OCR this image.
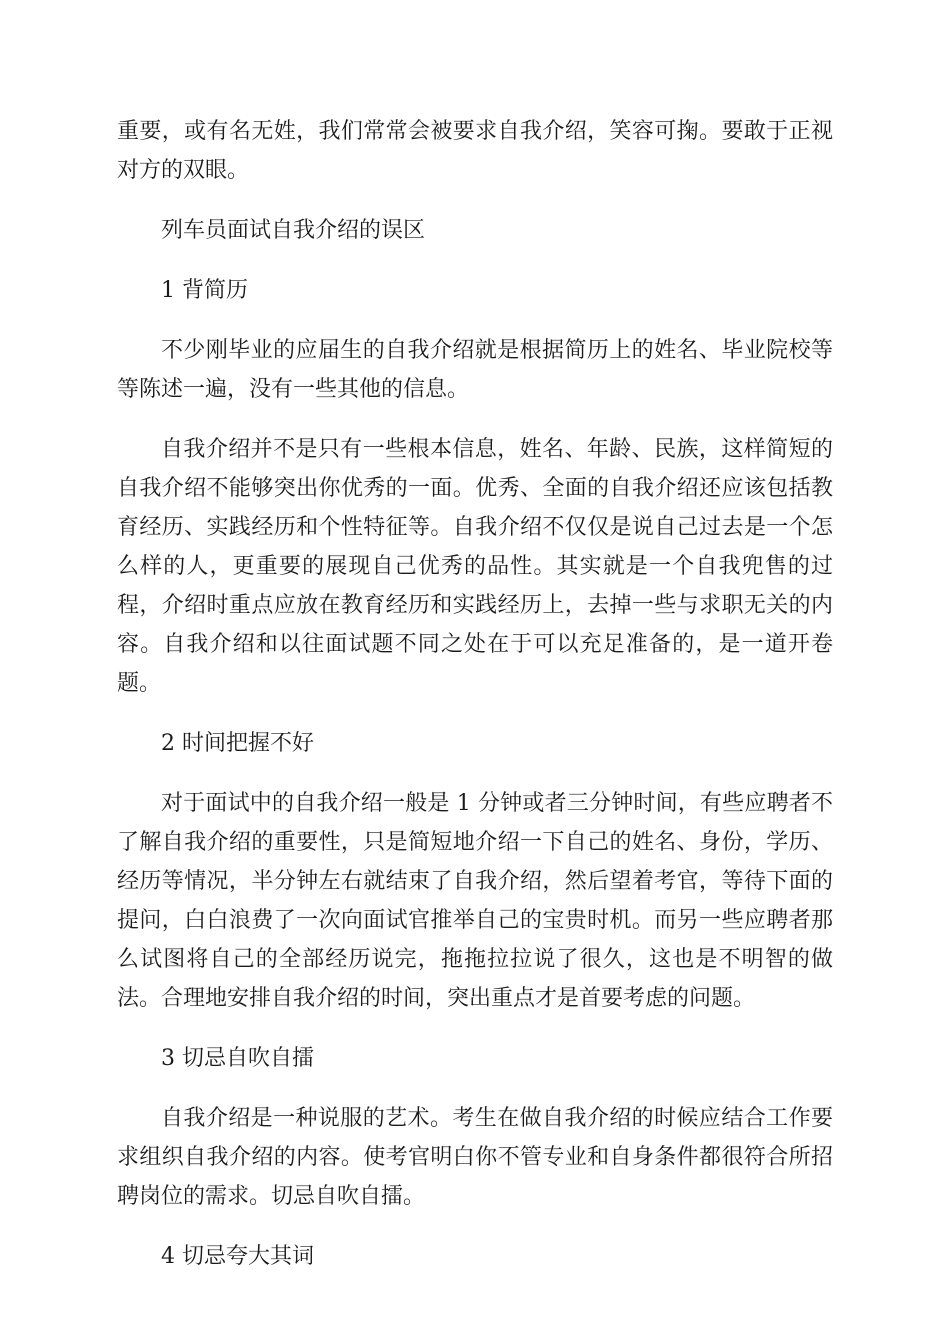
重要，或有名无姓，我们常常会被要求自我介绍，笑容可掬。要敢于正视对方的双眼。

列车员面试自我介绍的误区

1 背简历

不少刚毕业的应届生的自我介绍就是根据简历上的姓名、毕业院校等等陈述一遍，没有一些其他的信息。

自我介绍并不是只有一些根本信息，姓名、年龄、民族，这样简短的自我介绍不能够突出你优秀的一面。优秀、全面的自我介绍还应该包括教育经历、实践经历和个性特征等。自我介绍不仅仅是说自己过去是一个怎么样的人，更重要的展现自己优秀的品性。其实就是一个自我兜售的过程，介绍时重点应放在教育经历和实践经历上，去掉一些与求职无关的内容。自我介绍和以往面试题不同之处在于可以充足准备的，是一道开卷题。

2 时间把握不好

对于面试中的自我介绍一般是 1 分钟或者三分钟时间，有些应聘者不了解自我介绍的重要性，只是简短地介绍一下自己的姓名、身份，学历、经历等情况，半分钟左右就结束了自我介绍，然后望着考官，等待下面的提问，白白浪费了一次向面试官推举自己的宝贵时机。而另一些应聘者那么试图将自己的全部经历说完，拖拖拉拉说了很久，这也是不明智的做法。合理地安排自我介绍的时间，突出重点才是首要考虑的问题。

3 切忌自吹自擂

自我介绍是一种说服的艺术。考生在做自我介绍的时候应结合工作要求组织自我介绍的内容。使考官明白你不管专业和自身条件都很符合所招聘岗位的需求。切忌自吹自擂。

4 切忌夸大其词
